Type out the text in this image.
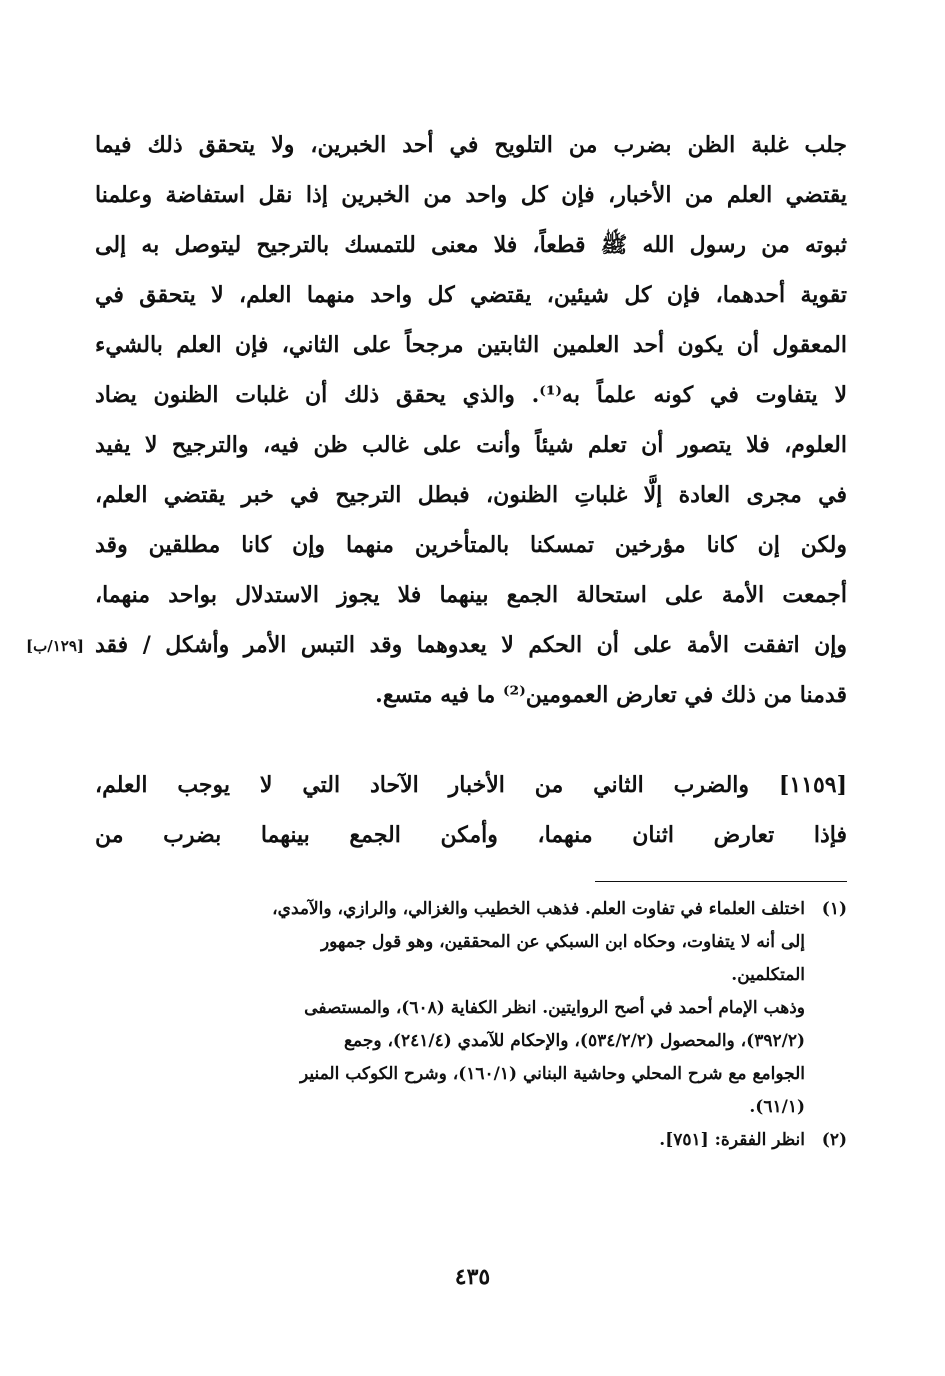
جلب غلبة الظن بضرب من التلويح في أحد الخبرين، ولا يتحقق ذلك فيما
يقتضي العلم من الأخبار، فإن كل واحد من الخبرين إذا نقل استفاضة وعلمنا
ثبوته من رسول الله ﷺ قطعاً، فلا معنى للتمسك بالترجيح ليتوصل به إلى
تقوية أحدهما، فإن كل شيئين، يقتضي كل واحد منهما العلم، لا يتحقق في
المعقول أن يكون أحد العلمين الثابتين مرجحاً على الثاني، فإن العلم بالشيء
لا يتفاوت في كونه علماً به⁽¹⁾. والذي يحقق ذلك أن غلبات الظنون يضاد
العلوم، فلا يتصور أن تعلم شيئاً وأنت على غالب ظن فيه، والترجيح لا يفيد
في مجرى العادة إلَّا غلباتِ الظنون، فبطل الترجيح في خبر يقتضي العلم،
ولكن إن كانا مؤرخين تمسكنا بالمتأخرين منهما وإن كانا مطلقين وقد
أجمعت الأمة على استحالة الجمع بينهما فلا يجوز الاستدلال بواحد منهما،
وإن اتفقت الأمة على أن الحكم لا يعدوهما وقد التبس الأمر وأشكل / فقد
قدمنا من ذلك في تعارض العمومين⁽²⁾ ما فيه متسع.
[١٢٩/ب]
[١١٥٩] والضرب الثاني من الأخبار الآحاد التي لا يوجب العلم،
فإذا تعارض اثنان منهما، وأمكن الجمع بينهما بضرب من
(١)اختلف العلماء في تفاوت العلم. فذهب الخطيب والغزالي، والرازي، والآمدي،
إلى أنه لا يتفاوت، وحكاه ابن السبكي عن المحققين، وهو قول جمهور
المتكلمين.
وذهب الإمام أحمد في أصح الروايتين. انظر الكفاية (٦٠٨)، والمستصفى
(٣٩٢/٢)، والمحصول (٥٣٤/٢/٢)، والإحكام للآمدي (٢٤١/٤)، وجمع
الجوامع مع شرح المحلي وحاشية البناني (١٦٠/١)، وشرح الكوكب المنير
(٦١/١).
(٢)انظر الفقرة: [٧٥١].
٤٣٥
